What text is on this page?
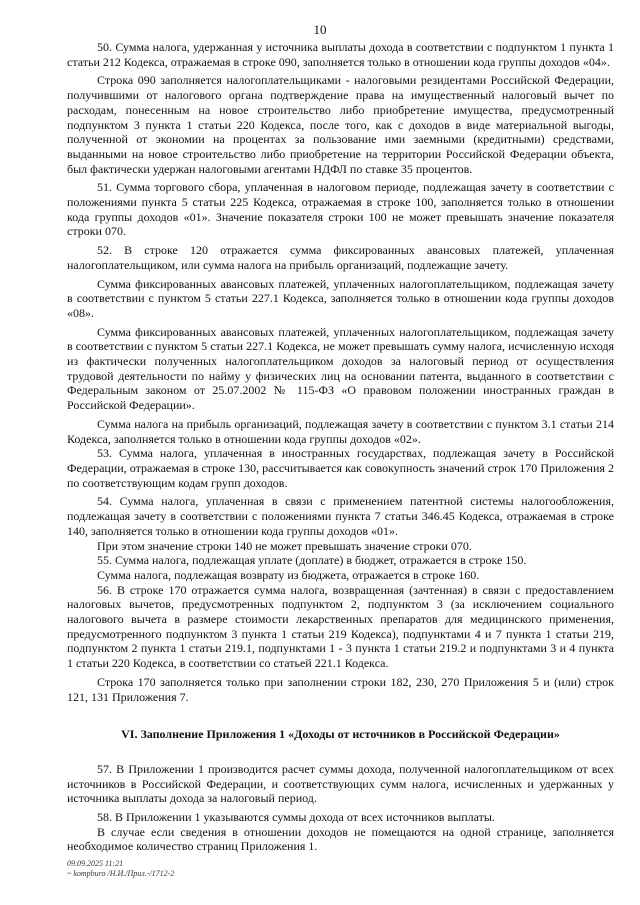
10

50. Сумма налога, удержанная у источника выплаты дохода в соответствии с подпунктом 1 пункта 1 статьи 212 Кодекса, отражаемая в строке 090, заполняется только в отношении кода группы доходов «04».

Строка 090 заполняется налогоплательщиками - налоговыми резидентами Российской Федерации, получившими от налогового органа подтверждение права на имущественный налоговый вычет по расходам, понесенным на новое строительство либо приобретение имущества, предусмотренный подпунктом 3 пункта 1 статьи 220 Кодекса, после того, как с доходов в виде материальной выгоды, полученной от экономии на процентах за пользование ими заемными (кредитными) средствами, выданными на новое строительство либо приобретение на территории Российской Федерации объекта, был фактически удержан налоговыми агентами НДФЛ по ставке 35 процентов.

51. Сумма торгового сбора, уплаченная в налоговом периоде, подлежащая зачету в соответствии с положениями пункта 5 статьи 225 Кодекса, отражаемая в строке 100, заполняется только в отношении кода группы доходов «01». Значение показателя строки 100 не может превышать значение показателя строки 070.

52. В строке 120 отражается сумма фиксированных авансовых платежей, уплаченная налогоплательщиком, или сумма налога на прибыль организаций, подлежащие зачету.

Сумма фиксированных авансовых платежей, уплаченных налогоплательщиком, подлежащая зачету в соответствии с пунктом 5 статьи 227.1 Кодекса, заполняется только в отношении кода группы доходов «08».

Сумма фиксированных авансовых платежей, уплаченных налогоплательщиком, подлежащая зачету в соответствии с пунктом 5 статьи 227.1 Кодекса, не может превышать сумму налога, исчисленную исходя из фактически полученных налогоплательщиком доходов за налоговый период от осуществления трудовой деятельности по найму у физических лиц на основании патента, выданного в соответствии с Федеральным законом от 25.07.2002 № 115-ФЗ «О правовом положении иностранных граждан в Российской Федерации».

Сумма налога на прибыль организаций, подлежащая зачету в соответствии с пунктом 3.1 статьи 214 Кодекса, заполняется только в отношении кода группы доходов «02».

53. Сумма налога, уплаченная в иностранных государствах, подлежащая зачету в Российской Федерации, отражаемая в строке 130, рассчитывается как совокупность значений строк 170 Приложения 2 по соответствующим кодам групп доходов.

54. Сумма налога, уплаченная в связи с применением патентной системы налогообложения, подлежащая зачету в соответствии с положениями пункта 7 статьи 346.45 Кодекса, отражаемая в строке 140, заполняется только в отношении кода группы доходов «01».

При этом значение строки 140 не может превышать значение строки 070.

55. Сумма налога, подлежащая уплате (доплате) в бюджет, отражается в строке 150.

Сумма налога, подлежащая возврату из бюджета, отражается в строке 160.

56. В строке 170 отражается сумма налога, возвращенная (зачтенная) в связи с предоставлением налоговых вычетов, предусмотренных подпунктом 2, подпунктом 3 (за исключением социального налогового вычета в размере стоимости лекарственных препаратов для медицинского применения, предусмотренного подпунктом 3 пункта 1 статьи 219 Кодекса), подпунктами 4 и 7 пункта 1 статьи 219, подпунктом 2 пункта 1 статьи 219.1, подпунктами 1 - 3 пункта 1 статьи 219.2 и подпунктами 3 и 4 пункта 1 статьи 220 Кодекса, в соответствии со статьей 221.1 Кодекса.

Строка 170 заполняется только при заполнении строки 182, 230, 270 Приложения 5 и (или) строк 121, 131 Приложения 7.

VI. Заполнение Приложения 1 «Доходы от источников в Российской Федерации»

57. В Приложении 1 производится расчет суммы дохода, полученной налогоплательщиком от всех источников в Российской Федерации, и соответствующих сумм налога, исчисленных и удержанных у источника выплаты дохода за налоговый период.

58. В Приложении 1 указываются суммы дохода от всех источников выплаты.

В случае если сведения в отношении доходов не помещаются на одной странице, заполняется необходимое количество страниц Приложения 1.

09.09.2025 11:21
~ kompburo /Н.И./Прил.-/1712-2
